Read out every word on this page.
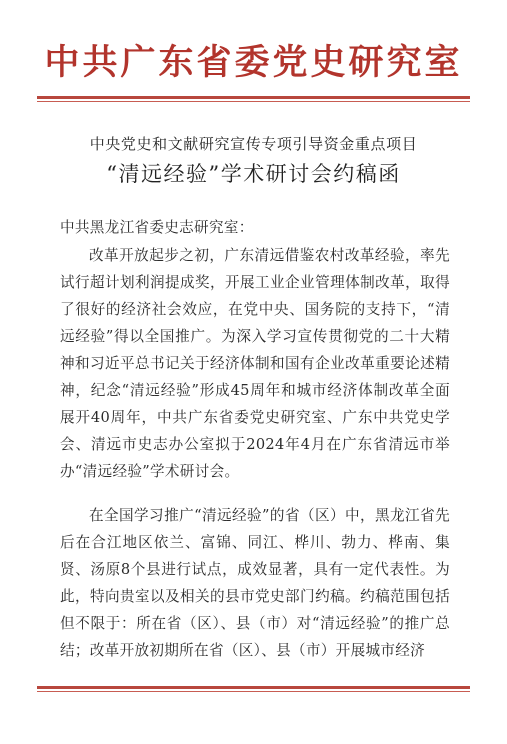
中共广东省委党史研究室
中央党史和文献研究宣传专项引导资金重点项目
“清远经验”学术研讨会约稿函
中共黑龙江省委史志研究室：
改革开放起步之初，广东清远借鉴农村改革经验，率先试行超计划利润提成奖，开展工业企业管理体制改革，取得了很好的经济社会效应，在党中央、国务院的支持下，“清远经验”得以全国推广。为深入学习宣传贯彻党的二十大精神和习近平总书记关于经济体制和国有企业改革重要论述精神，纪念“清远经验”形成45周年和城市经济体制改革全面展开40周年，中共广东省委党史研究室、广东中共党史学会、清远市史志办公室拟于2024年4月在广东省清远市举办“清远经验”学术研讨会。
在全国学习推广“清远经验”的省（区）中，黑龙江省先后在合江地区依兰、富锦、同江、桦川、勃力、桦南、集贤、汤原8个县进行试点，成效显著，具有一定代表性。为此，特向贵室以及相关的县市党史部门约稿。约稿范围包括但不限于：所在省（区）、县（市）对“清远经验”的推广总结；改革开放初期所在省（区）、县（市）开展城市经济
